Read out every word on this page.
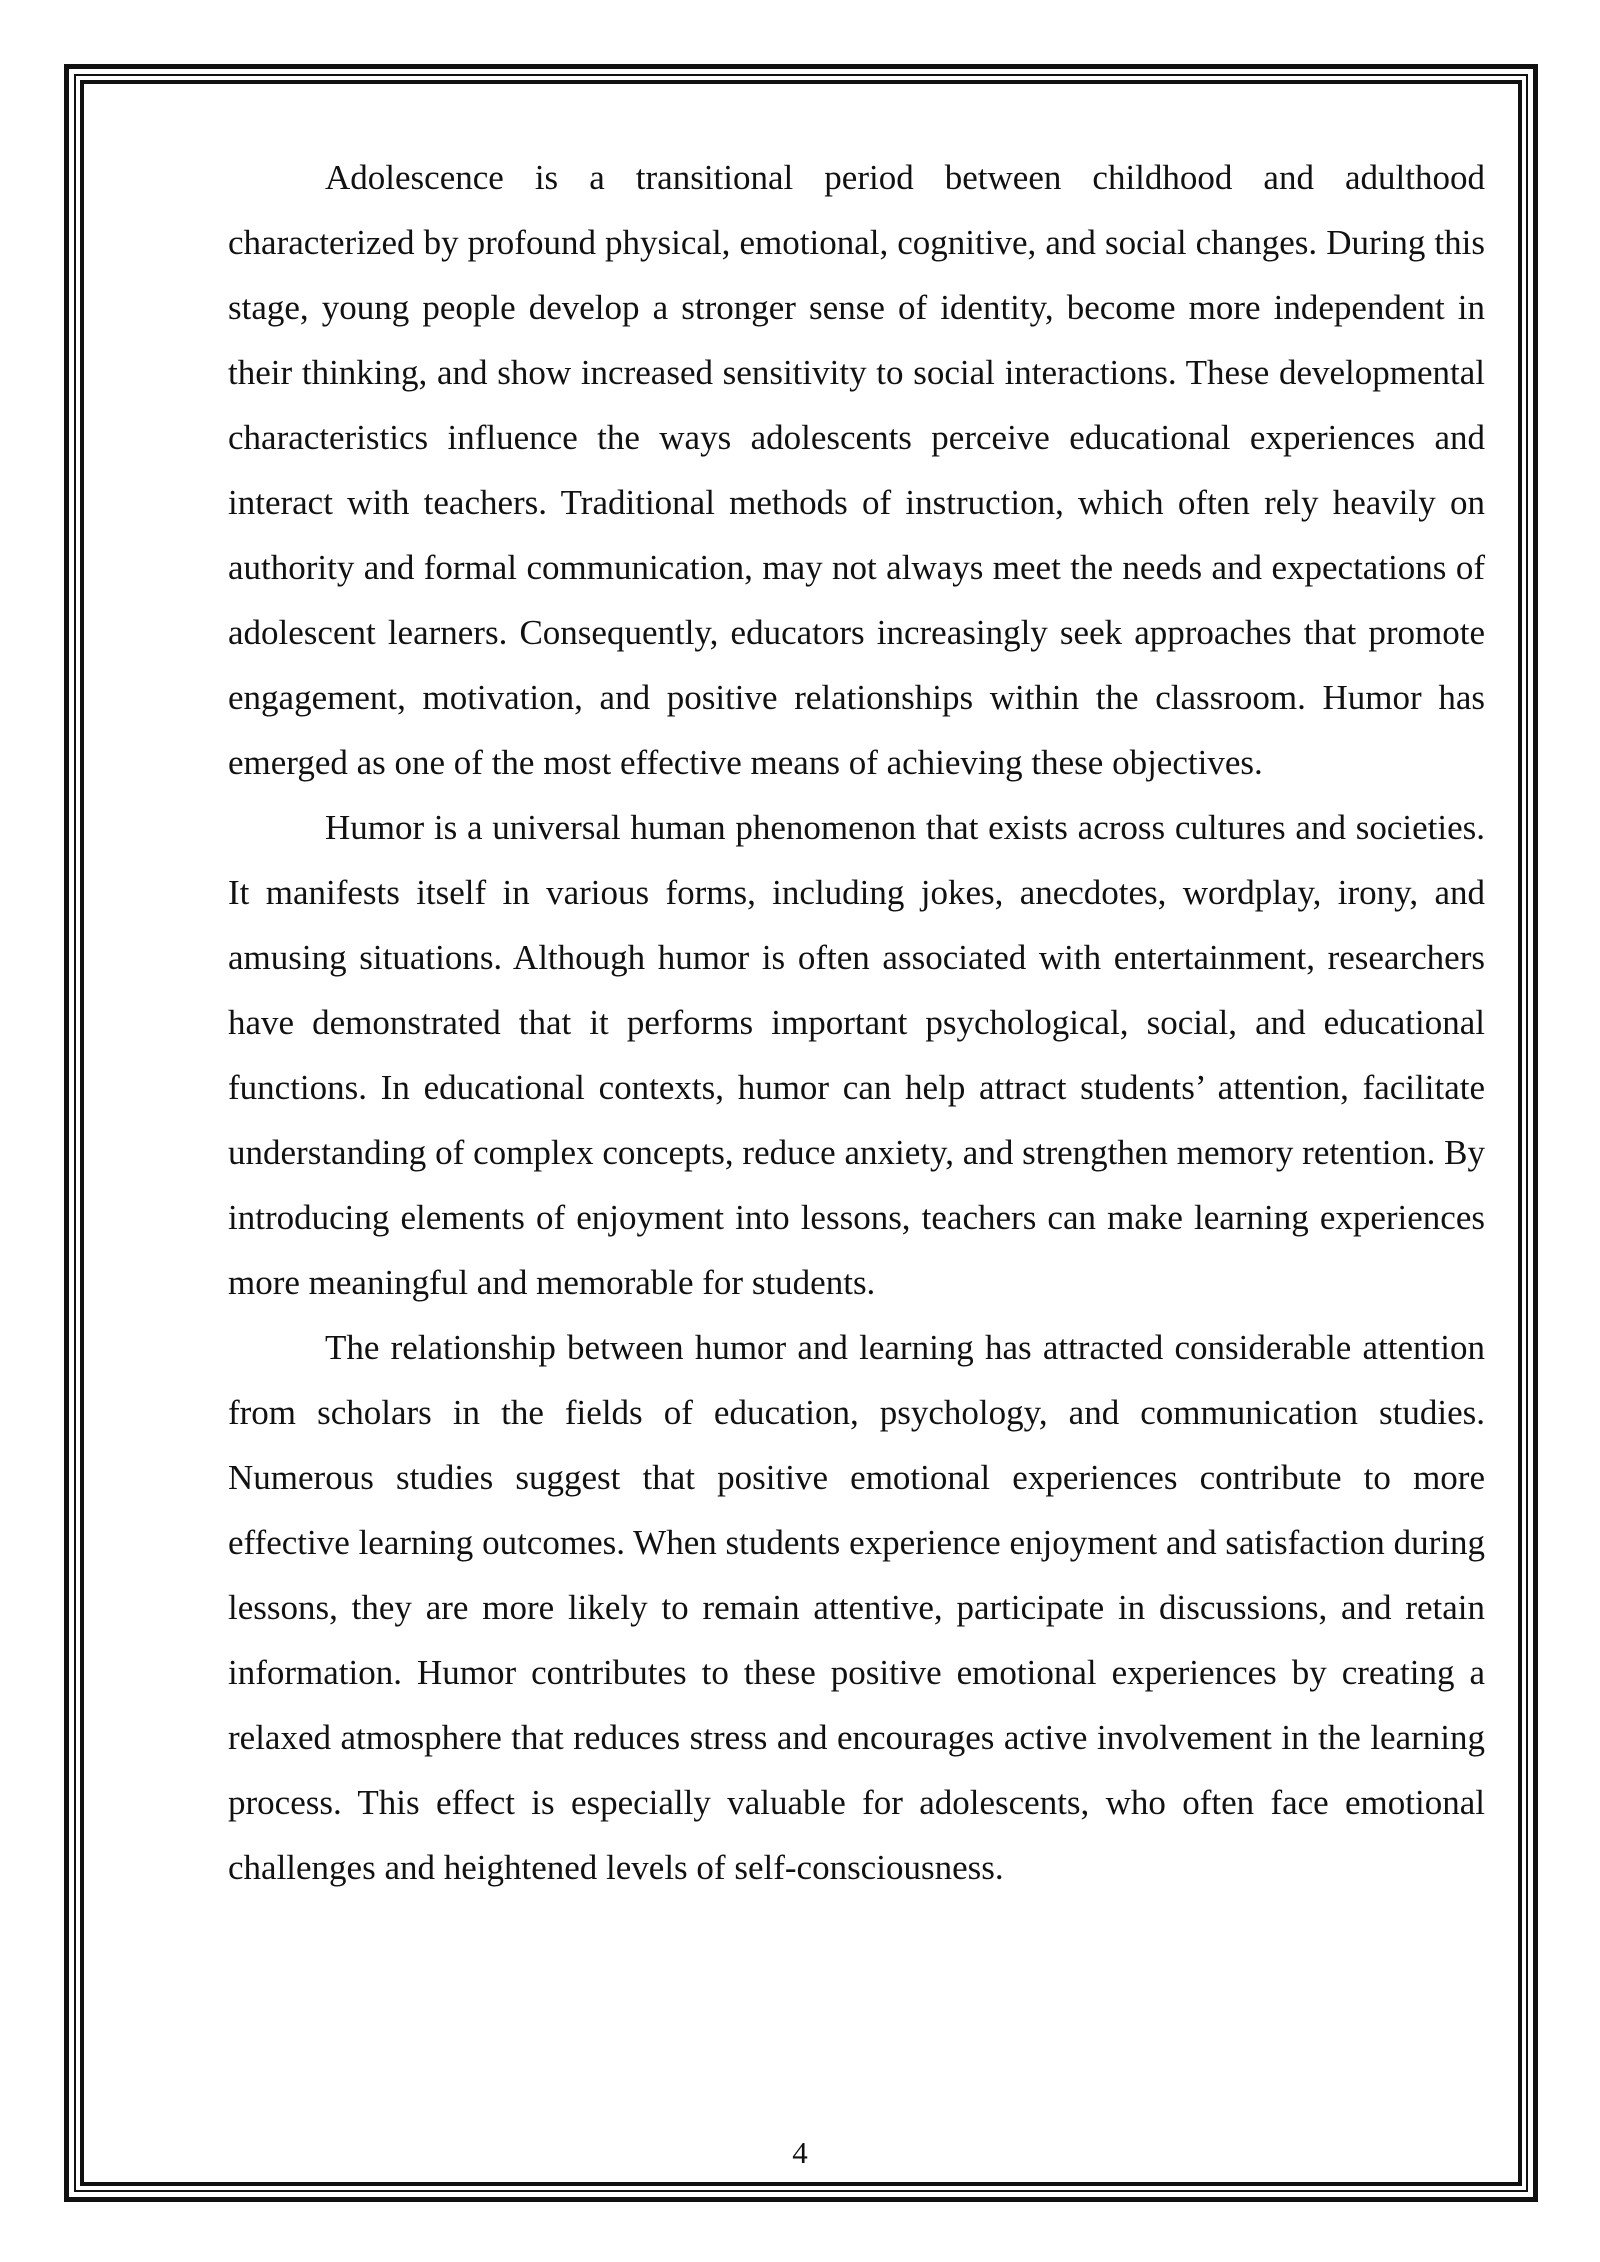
Adolescence is a transitional period between childhood and adulthood characterized by profound physical, emotional, cognitive, and social changes. During this stage, young people develop a stronger sense of identity, become more independent in their thinking, and show increased sensitivity to social interactions. These developmental characteristics influence the ways adolescents perceive educational experiences and interact with teachers. Traditional methods of instruction, which often rely heavily on authority and formal communication, may not always meet the needs and expectations of adolescent learners. Consequently, educators increasingly seek approaches that promote engagement, motivation, and positive relationships within the classroom. Humor has emerged as one of the most effective means of achieving these objectives.

Humor is a universal human phenomenon that exists across cultures and societies. It manifests itself in various forms, including jokes, anecdotes, wordplay, irony, and amusing situations. Although humor is often associated with entertainment, researchers have demonstrated that it performs important psychological, social, and educational functions. In educational contexts, humor can help attract students’ attention, facilitate understanding of complex concepts, reduce anxiety, and strengthen memory retention. By introducing elements of enjoyment into lessons, teachers can make learning experiences more meaningful and memorable for students.

The relationship between humor and learning has attracted considerable attention from scholars in the fields of education, psychology, and communication studies. Numerous studies suggest that positive emotional experiences contribute to more effective learning outcomes. When students experience enjoyment and satisfaction during lessons, they are more likely to remain attentive, participate in discussions, and retain information. Humor contributes to these positive emotional experiences by creating a relaxed atmosphere that reduces stress and encourages active involvement in the learning process. This effect is especially valuable for adolescents, who often face emotional challenges and heightened levels of self-consciousness.

4
